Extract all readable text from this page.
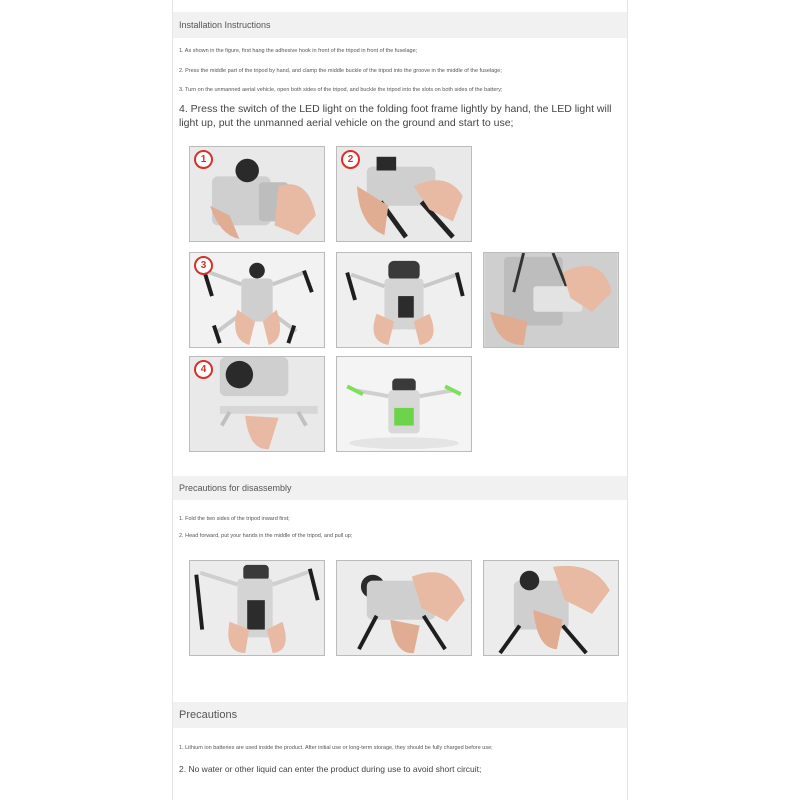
Installation Instructions
1. As shown in the figure, first hang the adhesive hook in front of the tripod in front of the fuselage;
2. Press the middle part of the tripod by hand, and clamp the middle buckle of the tripod into the groove in the middle of the fuselage;
3. Turn on the unmanned aerial vehicle, open both sides of the tripod, and buckle the tripod into the slots on both sides of the battery;
4. Press the switch of the LED light on the folding foot frame lightly by hand, the LED light will light up, put the unmanned aerial vehicle on the ground and start to use;
1	2
3
4
Precautions for disassembly
1. Fold the two sides of the tripod inward first;
2. Head forward, put your hands in the middle of the tripod, and pull up;
Precautions
1. Lithium ion batteries are used inside the product. After initial use or long-term storage, they should be fully charged before use;
2. No water or other liquid can enter the product during use to avoid short circuit;
